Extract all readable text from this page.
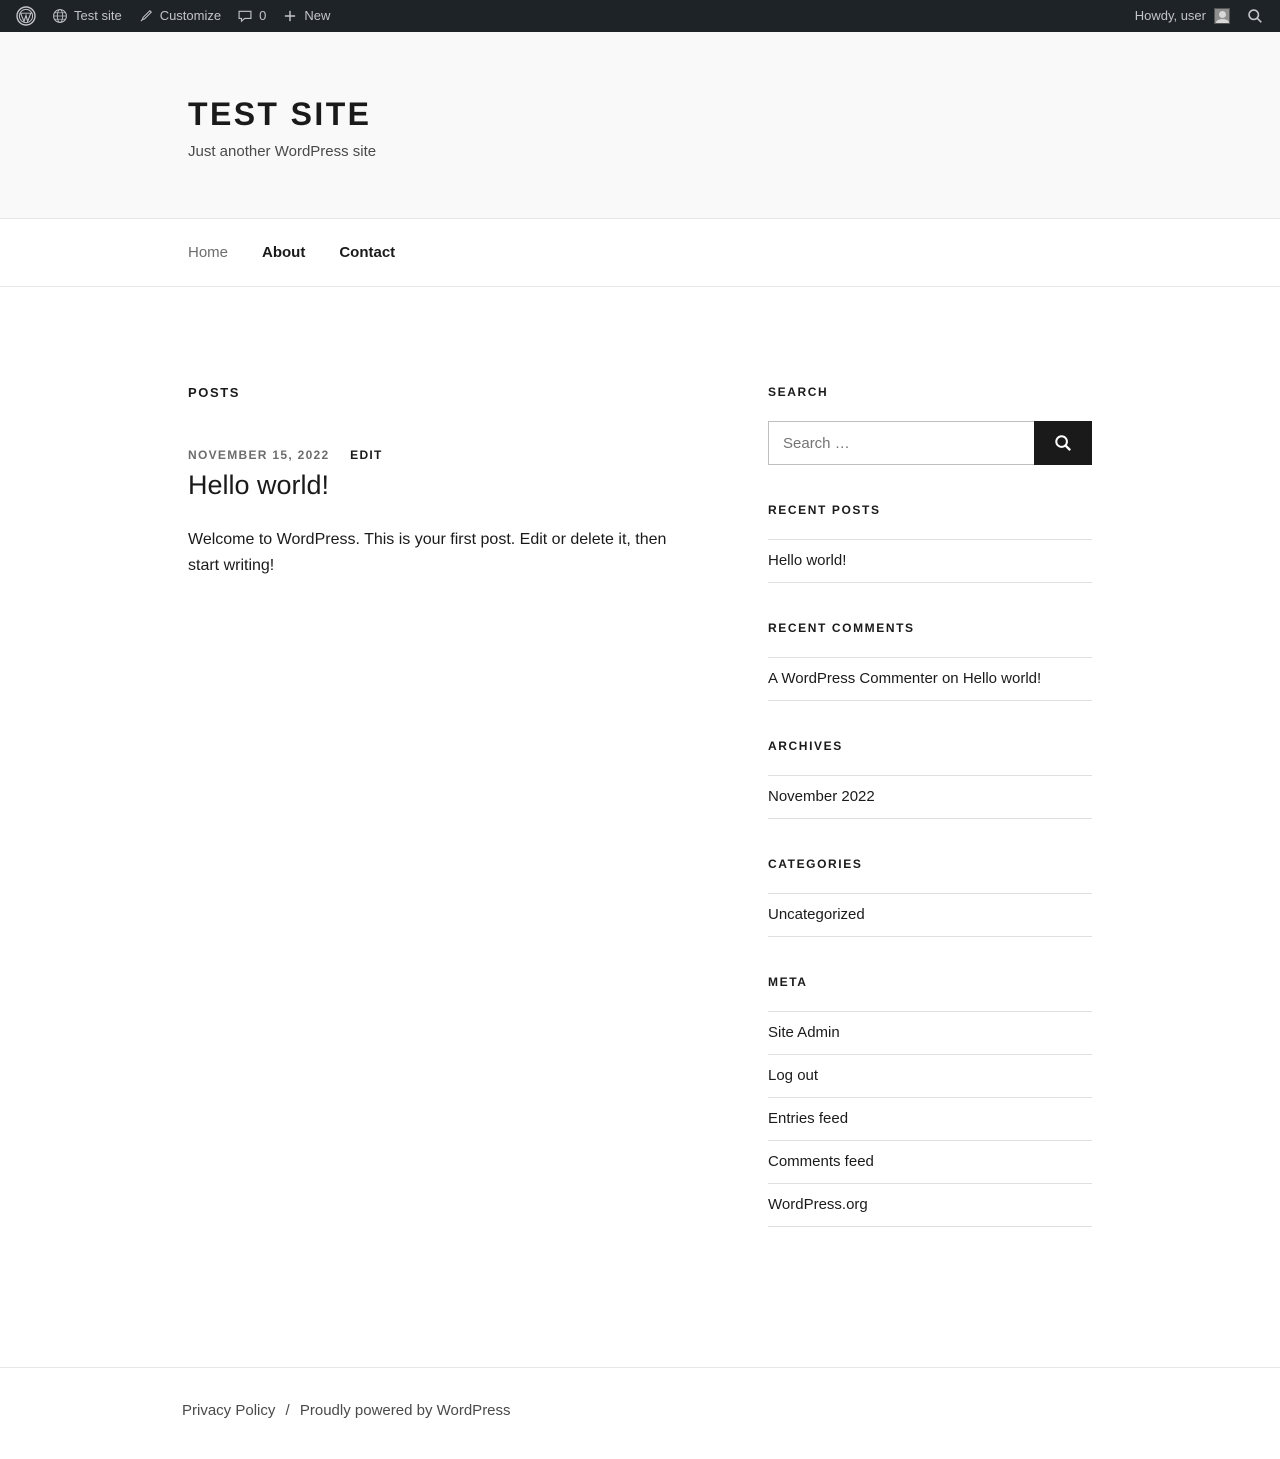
Test site	Customize	0	New	Howdy, user
TEST SITE

Just another WordPress site

Home About Contact
POSTS
NOVEMBER 15, 2022 EDIT
Hello world!

Welcome to WordPress. This is your first post. Edit or delete it, then start writing!

SEARCH
Search …
RECENT POSTS
Hello world!
RECENT COMMENTS
A WordPress Commenter on Hello world!
ARCHIVES
November 2022
CATEGORIES
Uncategorized
META
Site Admin
Log out
Entries feed
Comments feed
WordPress.org
Privacy Policy / Proudly powered by WordPress
